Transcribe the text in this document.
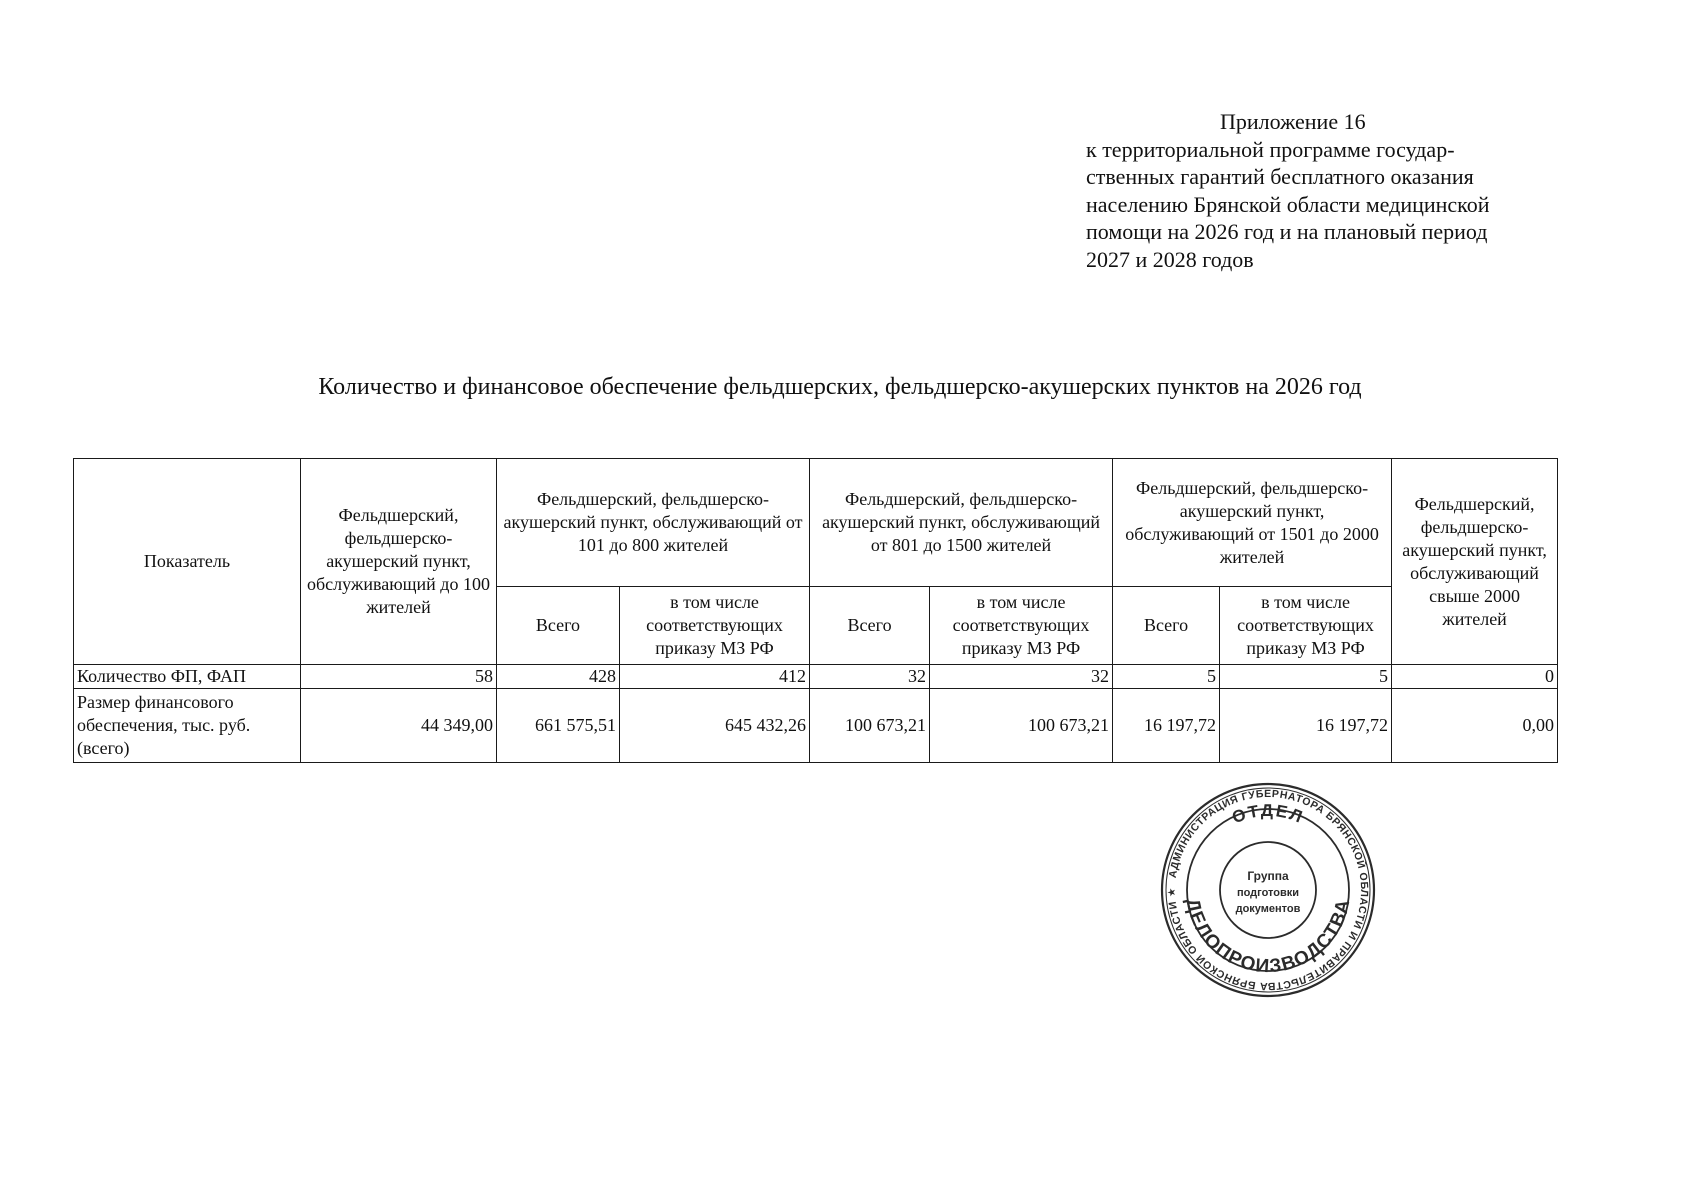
Приложение 16
к территориальной программе государ-
ственных гарантий бесплатного оказания
населению Брянской области медицинской
помощи на 2026 год и на плановый период
2027 и 2028 годов
Количество и финансовое обеспечение фельдшерских, фельдшерско-акушерских пунктов на 2026 год
Показатель	Фельдшерский, фельдшерско-акушерский пункт, обслуживающий до 100 жителей	Фельдшерский, фельдшерско-акушерский пункт, обслуживающий от 101 до 800 жителей		Фельдшерский, фельдшерско-акушерский пункт, обслуживающий от 801 до 1500 жителей		Фельдшерский, фельдшерско-акушерский пункт, обслуживающий от 1501 до 2000 жителей		Фельдшерский, фельдшерско-акушерский пункт, обслуживающий свыше 2000 жителей
		Всего	в том числе соответствующих приказу МЗ РФ	Всего	в том числе соответствующих приказу МЗ РФ	Всего	в том числе соответствующих приказу МЗ РФ	
Количество ФП, ФАП	58	428	412	32	32	5	5	0
Размер финансового обеспечения, тыс. руб. (всего)	44 349,00	661 575,51	645 432,26	100 673,21	100 673,21	16 197,72	16 197,72	0,00
АДМИНИСТРАЦИЯ ГУБЕРНАТОРА БРЯНСКОЙ ОБЛАСТИ И ПРАВИТЕЛЬСТВА БРЯНСКОЙ ОБЛАСТИ ★
ОТДЕЛ
ДЕЛОПРОИЗВОДСТВА
Группа
подготовки
документов
